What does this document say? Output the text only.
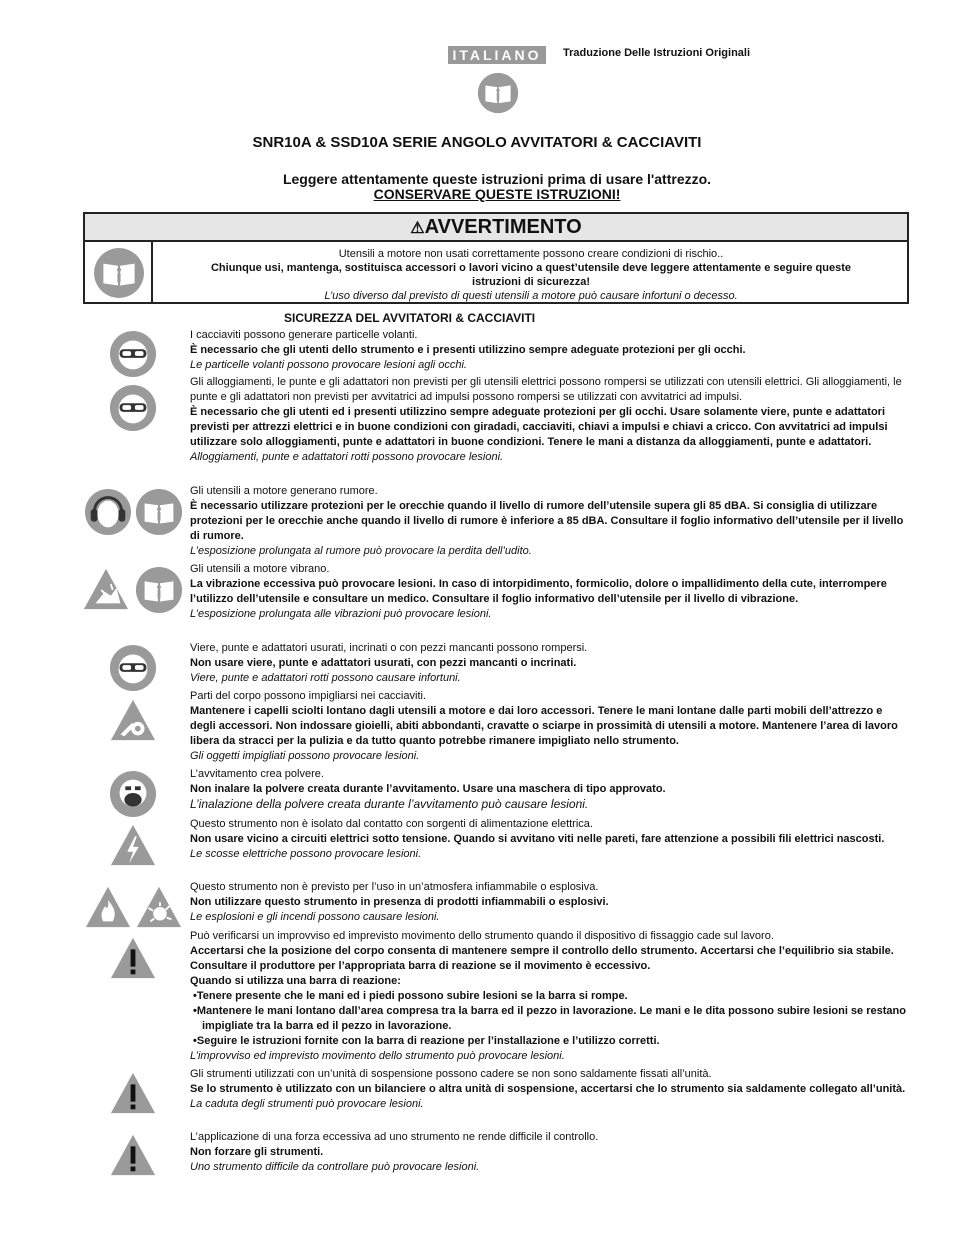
ITALIANO	Traduzione Delle Istruzioni Originali
SNR10A & SSD10A SERIE ANGOLO AVVITATORI & CACCIAVITI
Leggere attentamente queste istruzioni prima di usare l'attrezzo.
CONSERVARE QUESTE ISTRUZIONI!
⚠AVVERTIMENTO
Utensili a motore non usati correttamente possono creare condizioni di rischio..
Chiunque usi, mantenga, sostituisca accessori o lavori vicino a quest’utensile deve leggere attentamente e seguire queste istruzioni di sicurezza!
L’uso diverso dal previsto di questi utensili a motore può causare infortuni o decesso.
SICUREZZA DEL AVVITATORI & CACCIAVITI

I cacciaviti possono generare particelle volanti.

È necessario che gli utenti dello strumento e i presenti utilizzino sempre adeguate protezioni per gli occhi.

Le particelle volanti possono provocare lesioni agli occhi.

Gli alloggiamenti, le punte e gli adattatori non previsti per gli utensili elettrici possono rompersi se utilizzati con utensili elettrici. Gli alloggiamenti, le punte e gli adattatori non previsti per avvitatrici ad impulsi possono rompersi se utilizzati con avvitatrici ad impulsi.

È necessario che gli utenti ed i presenti utilizzino sempre adeguate protezioni per gli occhi. Usare solamente viere, punte e adattatori previsti per attrezzi elettrici e in buone condizioni con giradadi, cacciaviti, chiavi a impulsi e chiavi a cricco. Con avvitatrici ad impulsi utilizzare solo alloggiamenti, punte e adattatori in buone condizioni. Tenere le mani a distanza da alloggiamenti, punte e adattatori.

Alloggiamenti, punte e adattatori rotti possono provocare lesioni.

Gli utensili a motore generano rumore.

È necessario utilizzare protezioni per le orecchie quando il livello di rumore dell’utensile supera gli 85 dBA. Si consiglia di utilizzare protezioni per le orecchie anche quando il livello di rumore è inferiore a 85 dBA. Consultare il foglio informativo dell’utensile per il livello di rumore.

L’esposizione prolungata al rumore può provocare la perdita dell’udito.

Gli utensili a motore vibrano.

La vibrazione eccessiva può provocare lesioni. In caso di intorpidimento, formicolio, dolore o impallidimento della cute, interrompere l’utilizzo dell’utensile e consultare un medico. Consultare il foglio informativo dell’utensile per il livello di vibrazione.

L’esposizione prolungata alle vibrazioni può provocare lesioni.

Viere, punte e adattatori usurati, incrinati o con pezzi mancanti possono rompersi.

Non usare viere, punte e adattatori usurati, con pezzi mancanti o incrinati.

Viere, punte e adattatori rotti possono causare infortuni.

Parti del corpo possono impigliarsi nei cacciaviti.

Mantenere i capelli sciolti lontano dagli utensili a motore e dai loro accessori. Tenere le mani lontane dalle parti mobili dell’attrezzo e degli accessori. Non indossare gioielli, abiti abbondanti, cravatte o sciarpe in prossimità di utensili a motore. Mantenere l’area di lavoro libera da stracci per la pulizia e da tutto quanto potrebbe rimanere impigliato nello strumento.

Gli oggetti impigliati possono provocare lesioni.

L’avvitamento crea polvere.

Non inalare la polvere creata durante l’avvitamento. Usare una maschera di tipo approvato.

L’inalazione della polvere creata durante l’avvitamento può causare lesioni.

Questo strumento non è isolato dal contatto con sorgenti di alimentazione elettrica.

Non usare vicino a circuiti elettrici sotto tensione. Quando si avvitano viti nelle pareti, fare attenzione a possibili fili elettrici nascosti.

Le scosse elettriche possono provocare lesioni.

Questo strumento non è previsto per l’uso in un’atmosfera infiammabile o esplosiva.

Non utilizzare questo strumento in presenza di prodotti infiammabili o esplosivi.

Le esplosioni e gli incendi possono causare lesioni.

Può verificarsi un improvviso ed imprevisto movimento dello strumento quando il dispositivo di fissaggio cade sul lavoro.

Accertarsi che la posizione del corpo consenta di mantenere sempre il controllo dello strumento. Accertarsi che l’equilibrio sia stabile. Consultare il produttore per l’appropriata barra di reazione se il movimento è eccessivo.

Quando si utilizza una barra di reazione:

•Tenere presente che le mani ed i piedi possono subire lesioni se la barra si rompe.

•Mantenere le mani lontano dall’area compresa tra la barra ed il pezzo in lavorazione. Le mani e le dita possono subire lesioni se restano impigliate tra la barra ed il pezzo in lavorazione.

•Seguire le istruzioni fornite con la barra di reazione per l’installazione e l’utilizzo corretti.

L’improvviso ed imprevisto movimento dello strumento può provocare lesioni.

Gli strumenti utilizzati con un’unità di sospensione possono cadere se non sono saldamente fissati all’unità.

Se lo strumento è utilizzato con un bilanciere o altra unità di sospensione, accertarsi che lo strumento sia saldamente collegato all’unità.

La caduta degli strumenti può provocare lesioni.

L’applicazione di una forza eccessiva ad uno strumento ne rende difficile il controllo.

Non forzare gli strumenti.

Uno strumento difficile da controllare può provocare lesioni.
